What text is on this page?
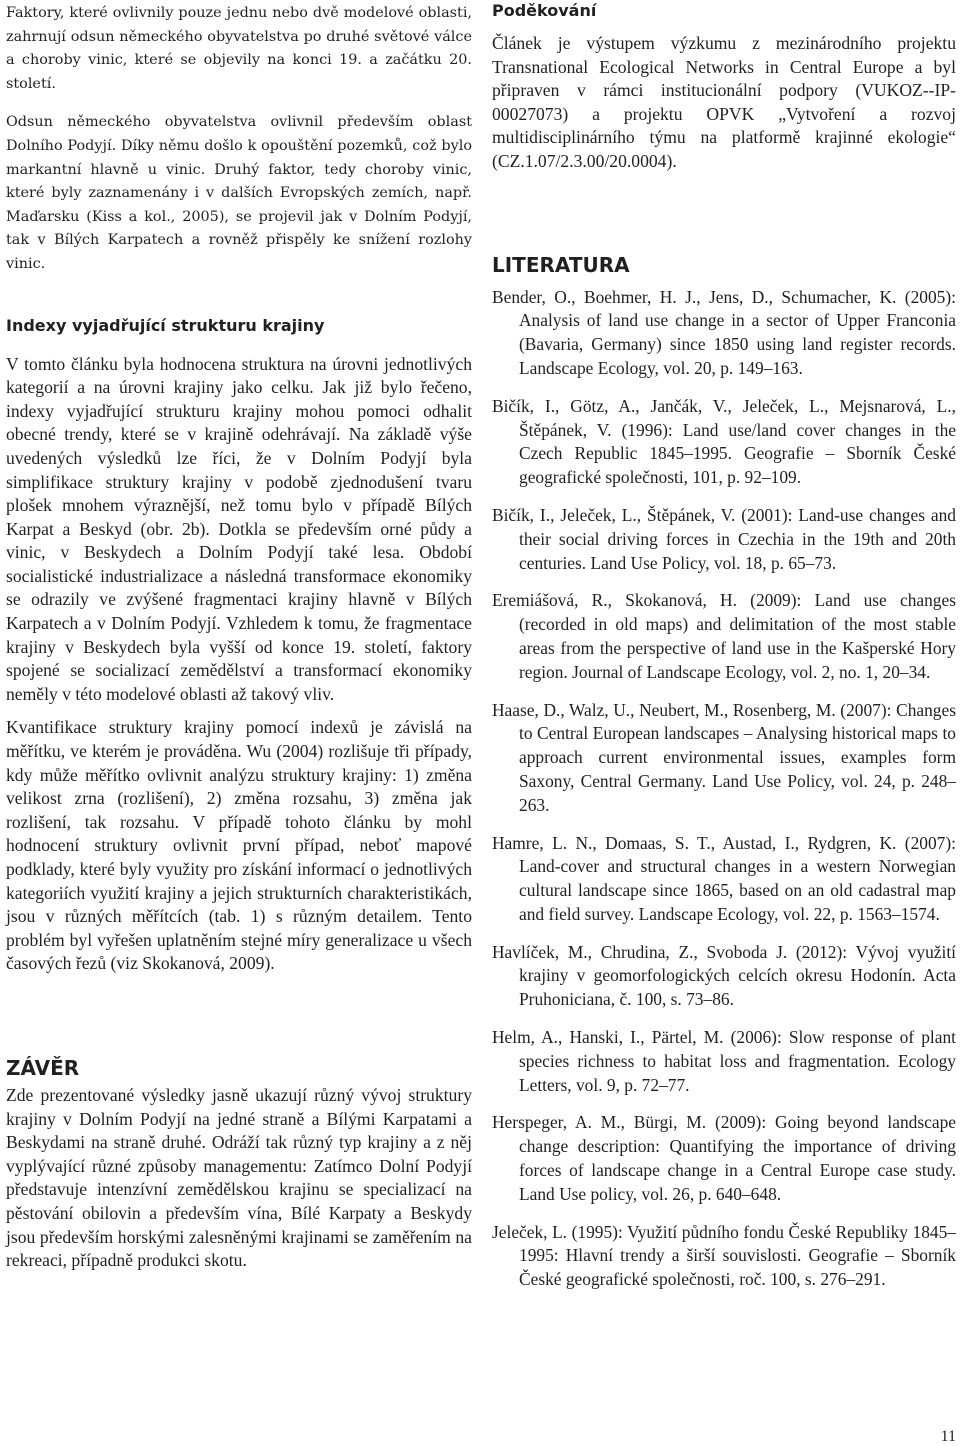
Faktory, které ovlivnily pouze jednu nebo dvě modelové oblasti, zahrnují odsun německého obyvatelstva po druhé světové válce a choroby vinic, které se objevily na konci 19. a začátku 20. století.

Odsun německého obyvatelstva ovlivnil především oblast Dolního Podyjí. Díky němu došlo k opouštění pozemků, což bylo markantní hlavně u vinic. Druhý faktor, tedy choroby vinic, které byly zaznamenány i v dalších Evropských zemích, např. Maďarsku (Kiss a kol., 2005), se projevil jak v Dolním Podyjí, tak v Bílých Karpatech a rovněž přispěly ke snížení rozlohy vinic.

Indexy vyjadřující strukturu krajiny

V tomto článku byla hodnocena struktura na úrovni jednotlivých kategorií a na úrovni krajiny jako celku. Jak již bylo řečeno, indexy vyjadřující strukturu krajiny mohou pomoci odhalit obecné trendy, které se v krajině odehrávají. Na základě výše uvedených výsledků lze říci, že v Dolním Podyjí byla simplifikace struktury krajiny v podobě zjednodušení tvaru plošek mnohem výraznější, než tomu bylo v případě Bílých Karpat a Beskyd (obr. 2b). Dotkla se především orné půdy a vinic, v Beskydech a Dolním Podyjí také lesa. Období socialistické industrializace a následná transformace ekonomiky se odrazily ve zvýšené fragmentaci krajiny hlavně v Bílých Karpatech a v Dolním Podyjí. Vzhledem k tomu, že fragmentace krajiny v Beskydech byla vyšší od konce 19. století, faktory spojené se socializací zemědělství a transformací ekonomiky neměly v této modelové oblasti až takový vliv.

Kvantifikace struktury krajiny pomocí indexů je závislá na měřítku, ve kterém je prováděna. Wu (2004) rozlišuje tři případy, kdy může měřítko ovlivnit analýzu struktury krajiny: 1) změna velikost zrna (rozlišení), 2) změna rozsahu, 3) změna jak rozlišení, tak rozsahu. V případě tohoto článku by mohl hodnocení struktury ovlivnit první případ, neboť mapové podklady, které byly využity pro získání informací o jednotlivých kategoriích využití krajiny a jejich strukturních charakteristikách, jsou v různých měřítcích (tab. 1) s různým detailem. Tento problém byl vyřešen uplatněním stejné míry generalizace u všech časových řezů (viz Skokanová, 2009).

ZÁVĚR

Zde prezentované výsledky jasně ukazují různý vývoj struktury krajiny v Dolním Podyjí na jedné straně a Bílými Karpatami a Beskydami na straně druhé. Odráží tak různý typ krajiny a z něj vyplývající různé způsoby managementu: Zatímco Dolní Podyjí představuje intenzívní zemědělskou krajinu se specializací na pěstování obilovin a především vína, Bílé Karpaty a Beskydy jsou především horskými zalesněnými krajinami se zaměřením na rekreaci, případně produkci skotu.

Poděkování

Článek je výstupem výzkumu z mezinárodního projektu Transnational Ecological Networks in Central Europe a byl připraven v rámci institucionální podpory (VUKOZ--IP-00027073) a projektu OPVK „Vytvoření a rozvoj multidisciplinárního týmu na platformě krajinné ekologie“ (CZ.1.07/2.3.00/20.0004).

LITERATURA

Bender, O., Boehmer, H. J., Jens, D., Schumacher, K. (2005): Analysis of land use change in a sector of Upper Franconia (Bavaria, Germany) since 1850 using land register records. Landscape Ecology, vol. 20, p. 149–163.

Bičík, I., Götz, A., Jančák, V., Jeleček, L., Mejsnarová, L., Štěpánek, V. (1996): Land use/land cover changes in the Czech Republic 1845–1995. Geografie – Sborník České geografické společnosti, 101, p. 92–109.

Bičík, I., Jeleček, L., Štěpánek, V. (2001): Land-use changes and their social driving forces in Czechia in the 19th and 20th centuries. Land Use Policy, vol. 18, p. 65–73.

Eremiášová, R., Skokanová, H. (2009): Land use changes (recorded in old maps) and delimitation of the most stable areas from the perspective of land use in the Kašperské Hory region. Journal of Landscape Ecology, vol. 2, no. 1, 20–34.

Haase, D., Walz, U., Neubert, M., Rosenberg, M. (2007): Changes to Central European landscapes – Analysing historical maps to approach current environmental issues, examples form Saxony, Central Germany. Land Use Policy, vol. 24, p. 248–263.

Hamre, L. N., Domaas, S. T., Austad, I., Rydgren, K. (2007): Land-cover and structural changes in a western Norwegian cultural landscape since 1865, based on an old cadastral map and field survey. Landscape Ecology, vol. 22, p. 1563–1574.

Havlíček, M., Chrudina, Z., Svoboda J. (2012): Vývoj využití krajiny v geomorfologických celcích okresu Hodonín. Acta Pruhoniciana, č. 100, s. 73–86.

Helm, A., Hanski, I., Pärtel, M. (2006): Slow response of plant species richness to habitat loss and fragmentation. Ecology Letters, vol. 9, p. 72–77.

Herspeger, A. M., Bürgi, M. (2009): Going beyond landscape change description: Quantifying the importance of driving forces of landscape change in a Central Europe case study. Land Use policy, vol. 26, p. 640–648.

Jeleček, L. (1995): Využití půdního fondu České Republiky 1845–1995: Hlavní trendy a širší souvislosti. Geografie – Sborník České geografické společnosti, roč. 100, s. 276–291.

11
